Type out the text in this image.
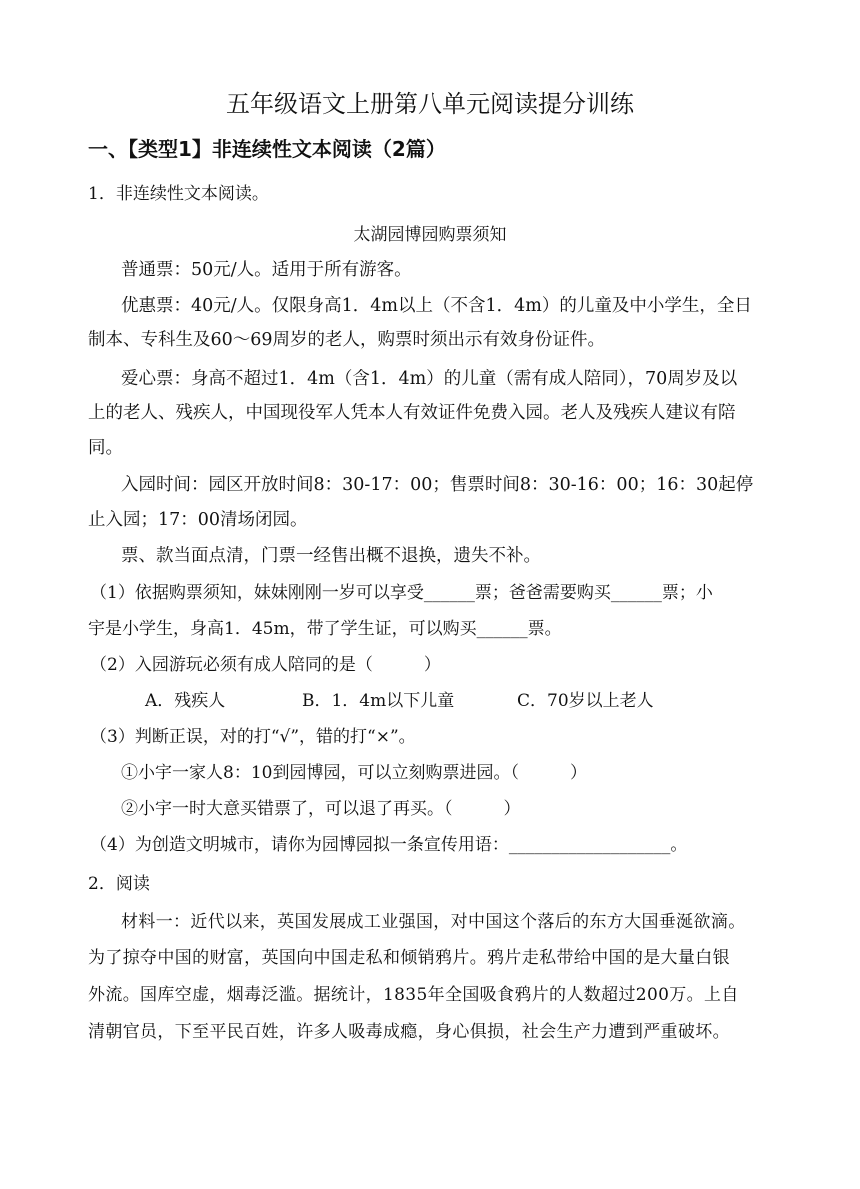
五年级语文上册第八单元阅读提分训练
一、【类型1】非连续性文本阅读（2篇）
1．非连续性文本阅读。
太湖园博园购票须知
普通票：50元/人。适用于所有游客。
优惠票：40元/人。仅限身高1．4m以上（不含1．4m）的儿童及中小学生，全日
制本、专科生及60～69周岁的老人，购票时须出示有效身份证件。
爱心票：身高不超过1．4m（含1．4m）的儿童（需有成人陪同），70周岁及以
上的老人、残疾人，中国现役军人凭本人有效证件免费入园。老人及残疾人建议有陪
同。
入园时间：园区开放时间8：30-17：00；售票时间8：30-16：00；16：30起停
止入园；17：00清场闭园。
票、款当面点清，门票一经售出概不退换，遗失不补。
（1）依据购票须知，妹妹刚刚一岁可以享受______票；爸爸需要购买______票；小
宇是小学生，身高1．45m，带了学生证，可以购买______票。
（2）入园游玩必须有成人陪同的是（　　　）
A．残疾人	B．1．4m以下儿童	C．70岁以上老人
（3）判断正误，对的打“√”，错的打“×”。
①小宇一家人8：10到园博园，可以立刻购票进园。（　　　）
②小宇一时大意买错票了，可以退了再买。（　　　）
（4）为创造文明城市，请你为园博园拟一条宣传用语：___________________。
2．阅读
材料一：近代以来，英国发展成工业强国，对中国这个落后的东方大国垂涎欲滴。
为了掠夺中国的财富，英国向中国走私和倾销鸦片。鸦片走私带给中国的是大量白银
外流。国库空虚，烟毒泛滥。据统计，1835年全国吸食鸦片的人数超过200万。上自
清朝官员，下至平民百姓，许多人吸毒成瘾，身心俱损，社会生产力遭到严重破坏。
